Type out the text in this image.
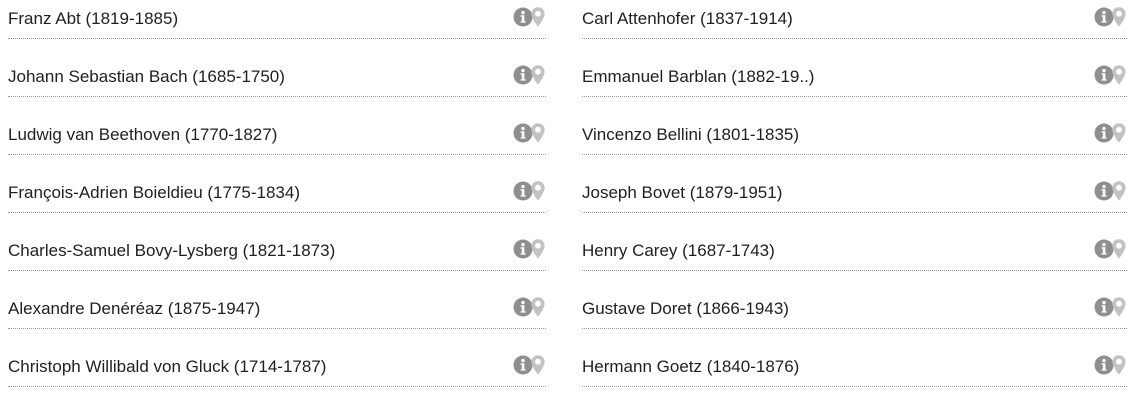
Franz Abt (1819-1885)
Johann Sebastian Bach (1685-1750)
Ludwig van Beethoven (1770-1827)
François-Adrien Boieldieu (1775-1834)
Charles-Samuel Bovy-Lysberg (1821-1873)
Alexandre Denéréaz (1875-1947)
Christoph Willibald von Gluck (1714-1787)
Carl Attenhofer (1837-1914)
Emmanuel Barblan (1882-19..)
Vincenzo Bellini (1801-1835)
Joseph Bovet (1879-1951)
Henry Carey (1687-1743)
Gustave Doret (1866-1943)
Hermann Goetz (1840-1876)
